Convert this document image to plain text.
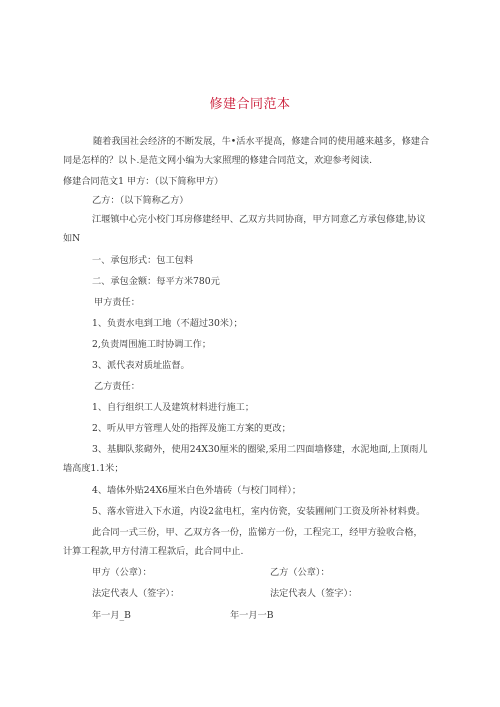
修建合同范本
随着我国社会经济的不断发展，牛•活水平提高，修建合同的使用越来越多，修建合
同是怎样的？以卜.是范文网小编为大家照理的修建合同范文，欢迎参考阅读.
修建合同范文1 甲方：（以下简称甲方）
乙方：（以下简称乙方）
江堰镇中心完小校门耳房修建经甲、乙双方共同协商，甲方同意乙方承包修建,协议
如N
一、承包形式：包工包料
二、承包金额：每平方米780元
甲方责任：
1、负责水电到工地（不超过30米）；
2,负责周围施工时协调工作；
3、派代表对质址监督。
乙方责任：
1、自行组织工人及建筑材料进行施工；
2、听从甲方管理人处的指挥及施工方案的更改；
3、基脚队浆砌外，使用24X30厘米的圈梁,采用二四面墙修建，水泥地面,上顶雨儿
墙高度1.1米；
4、墙体外贴24X6厘米白色外墙砖（与校门同样）；
5、落水管进入下水道，内设2盆电杠，室内仿瓷，安装圃闸门工资及所补材料费。
此合同一式三份，甲、乙双方各一份，监悌方一份，工程完工，经甲方验收合格，
计算工程款,甲方付清工程款后，此合同中止.
甲方（公章）：	乙方（公章）：
法定代表人（签字）：	法定代表人（签字）：
年一月_B	年一月一B
